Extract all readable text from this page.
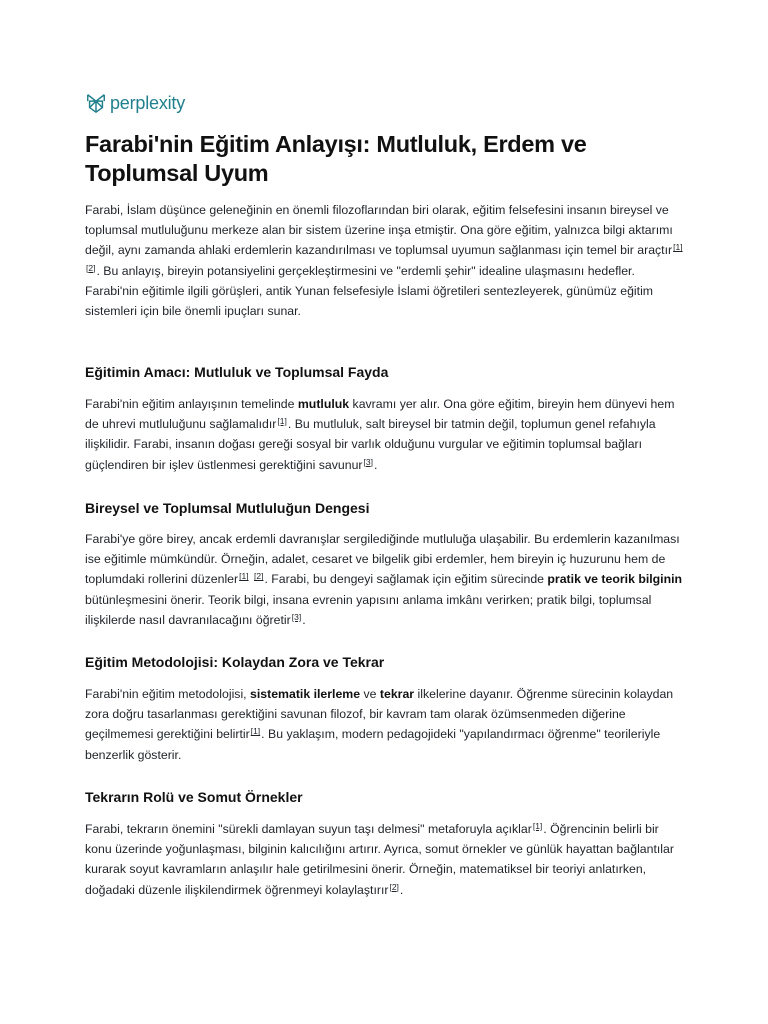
perplexity
Farabi'nin Eğitim Anlayışı: Mutluluk, Erdem ve Toplumsal Uyum

Farabi, İslam düşünce geleneğinin en önemli filozoflarından biri olarak, eğitim felsefesini insanın bireysel ve toplumsal mutluluğunu merkeze alan bir sistem üzerine inşa etmiştir. Ona göre eğitim, yalnızca bilgi aktarımı değil, aynı zamanda ahlaki erdemlerin kazandırılması ve toplumsal uyumun sağlanması için temel bir araçtır[1] [2]. Bu anlayış, bireyin potansiyelini gerçekleştirmesini ve "erdemli şehir" idealine ulaşmasını hedefler. Farabi'nin eğitimle ilgili görüşleri, antik Yunan felsefesiyle İslami öğretileri sentezleyerek, günümüz eğitim sistemleri için bile önemli ipuçları sunar.

Eğitimin Amacı: Mutluluk ve Toplumsal Fayda

Farabi'nin eğitim anlayışının temelinde mutluluk kavramı yer alır. Ona göre eğitim, bireyin hem dünyevi hem de uhrevi mutluluğunu sağlamalıdır[1]. Bu mutluluk, salt bireysel bir tatmin değil, toplumun genel refahıyla ilişkilidir. Farabi, insanın doğası gereği sosyal bir varlık olduğunu vurgular ve eğitimin toplumsal bağları güçlendiren bir işlev üstlenmesi gerektiğini savunur[3].

Bireysel ve Toplumsal Mutluluğun Dengesi

Farabi'ye göre birey, ancak erdemli davranışlar sergilediğinde mutluluğa ulaşabilir. Bu erdemlerin kazanılması ise eğitimle mümkündür. Örneğin, adalet, cesaret ve bilgelik gibi erdemler, hem bireyin iç huzurunu hem de toplumdaki rollerini düzenler[1] [2]. Farabi, bu dengeyi sağlamak için eğitim sürecinde pratik ve teorik bilginin bütünleşmesini önerir. Teorik bilgi, insana evrenin yapısını anlama imkânı verirken; pratik bilgi, toplumsal ilişkilerde nasıl davranılacağını öğretir[3].

Eğitim Metodolojisi: Kolaydan Zora ve Tekrar

Farabi'nin eğitim metodolojisi, sistematik ilerleme ve tekrar ilkelerine dayanır. Öğrenme sürecinin kolaydan zora doğru tasarlanması gerektiğini savunan filozof, bir kavram tam olarak özümsenmeden diğerine geçilmemesi gerektiğini belirtir[1]. Bu yaklaşım, modern pedagojideki "yapılandırmacı öğrenme" teorileriyle benzerlik gösterir.

Tekrarın Rolü ve Somut Örnekler

Farabi, tekrarın önemini "sürekli damlayan suyun taşı delmesi" metaforuyla açıklar[1]. Öğrencinin belirli bir konu üzerinde yoğunlaşması, bilginin kalıcılığını artırır. Ayrıca, somut örnekler ve günlük hayattan bağlantılar kurarak soyut kavramların anlaşılır hale getirilmesini önerir. Örneğin, matematiksel bir teoriyi anlatırken, doğadaki düzenle ilişkilendirmek öğrenmeyi kolaylaştırır[2].
